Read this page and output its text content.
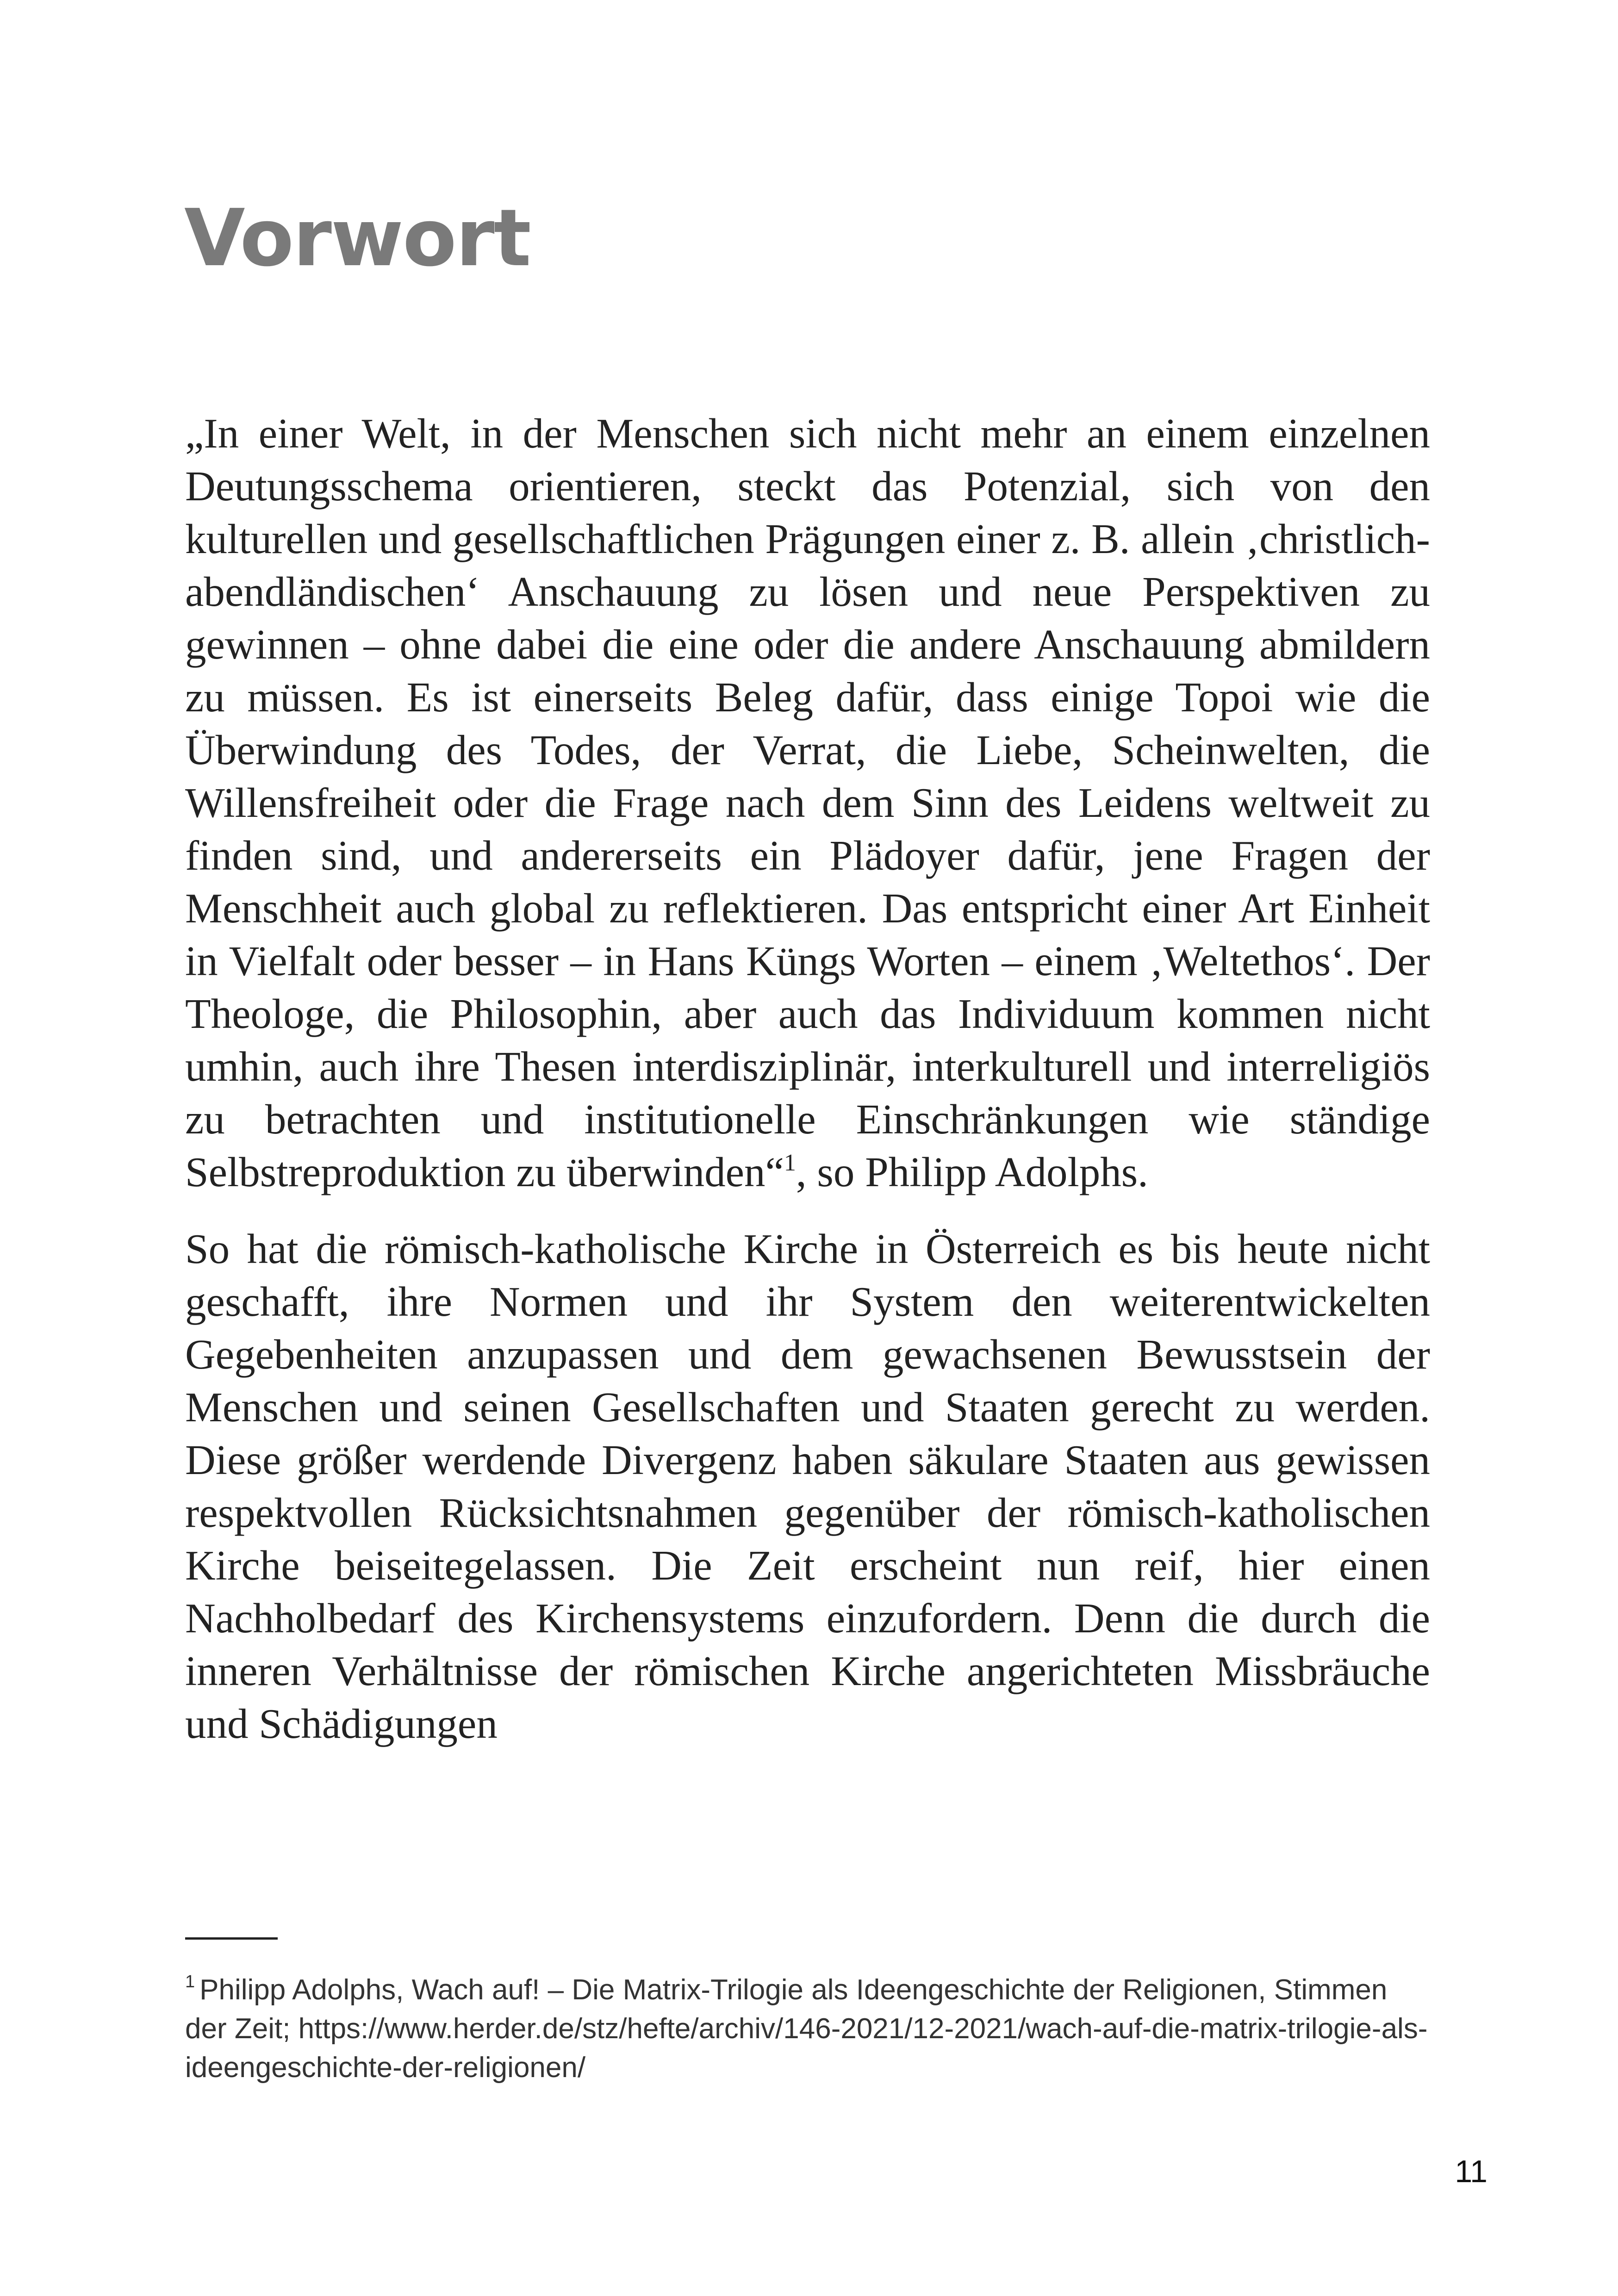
Vorwort

„In einer Welt, in der Menschen sich nicht mehr an einem einzelnen Deutungsschema orientieren, steckt das Potenzial, sich von den kulturellen und gesellschaftlichen Prägungen einer z. B. allein ‚christlich-abendländischen‘ Anschauung zu lösen und neue Perspektiven zu gewinnen – ohne dabei die eine oder die andere Anschauung abmildern zu müssen. Es ist einerseits Beleg dafür, dass einige Topoi wie die Überwindung des Todes, der Verrat, die Liebe, Scheinwelten, die Willensfreiheit oder die Frage nach dem Sinn des Leidens weltweit zu finden sind, und andererseits ein Plädoyer dafür, jene Fragen der Menschheit auch global zu reflektieren. Das entspricht einer Art Einheit in Vielfalt oder besser – in Hans Küngs Worten – einem ‚Weltethos‘. Der Theologe, die Philosophin, aber auch das Individuum kommen nicht umhin, auch ihre Thesen interdisziplinär, interkulturell und interreligiös zu betrachten und institutionelle Einschränkungen wie ständige Selbstreproduktion zu überwinden“$^1$, so Philipp Adolphs.

So hat die römisch-katholische Kirche in Österreich es bis heute nicht geschafft, ihre Normen und ihr System den weiterentwickelten Gegebenheiten anzupassen und dem gewachsenen Bewusstsein der Menschen und seinen Gesellschaften und Staaten gerecht zu werden. Diese größer werdende Divergenz haben säkulare Staaten aus gewissen respektvollen Rücksichtsnahmen gegenüber der römisch-katholischen Kirche beiseitegelassen. Die Zeit erscheint nun reif, hier einen Nachholbedarf des Kirchensystems einzufordern. Denn die durch die inneren Verhältnisse der römischen Kirche angerichteten Missbräuche und Schädigungen

$^1$ Philipp Adolphs, Wach auf! – Die Matrix-Trilogie als Ideengeschichte der Religionen, Stimmen der Zeit; https://www.herder.de/stz/hefte/archiv/146-2021/12-2021/wach-auf-die-matrix-trilogie-als-ideengeschichte-der-religionen/

11
